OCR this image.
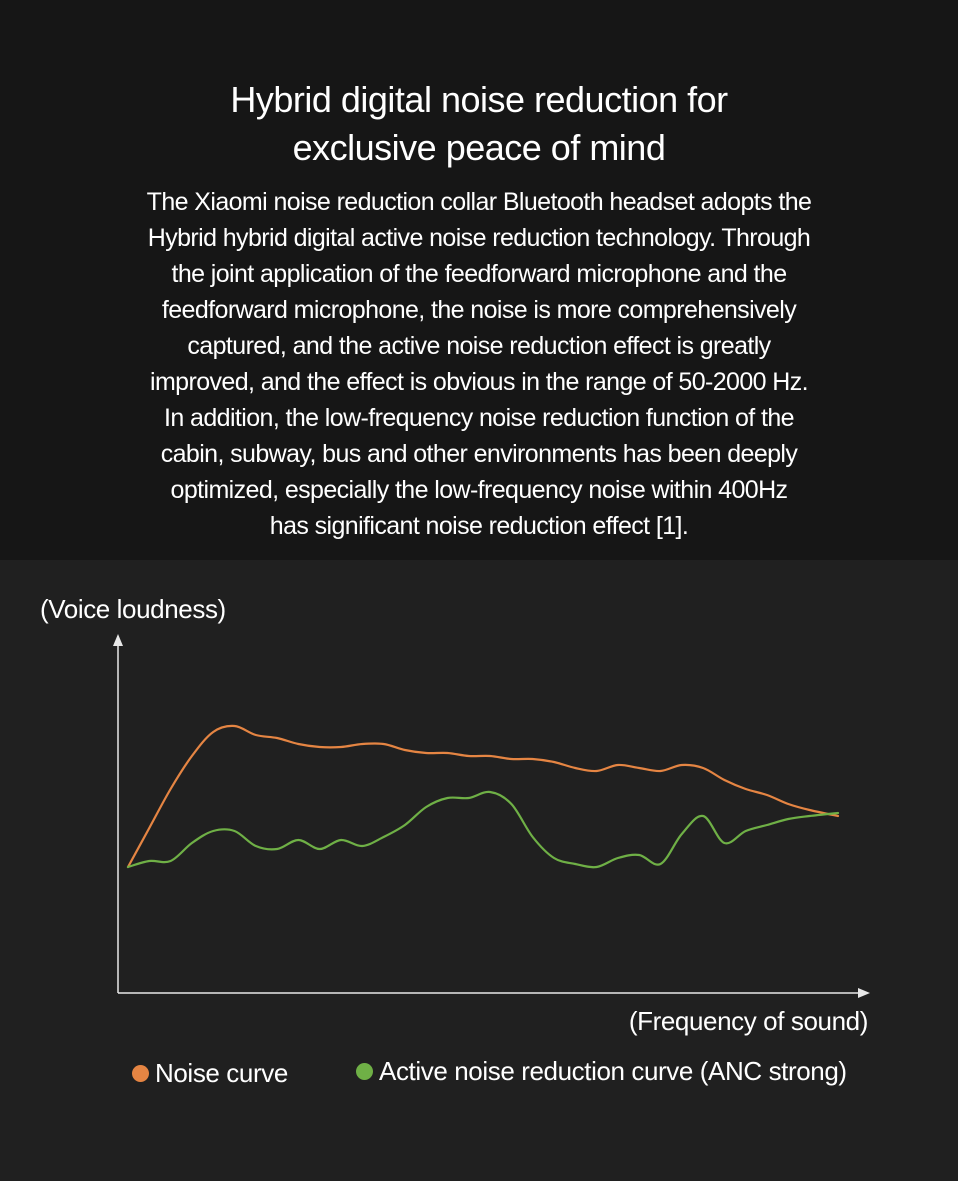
Hybrid digital noise reduction for
exclusive peace of mind

The Xiaomi noise reduction collar Bluetooth headset adopts the
Hybrid hybrid digital active noise reduction technology. Through
the joint application of the feedforward microphone and the
feedforward microphone, the noise is more comprehensively
captured, and the active noise reduction effect is greatly
improved, and the effect is obvious in the range of 50-2000 Hz.
In addition, the low-frequency noise reduction function of the
cabin, subway, bus and other environments has been deeply
optimized, especially the low-frequency noise within 400Hz
has significant noise reduction effect [1].

(Voice loudness)
(Frequency of sound)
Noise curve	Active noise reduction curve (ANC strong)
